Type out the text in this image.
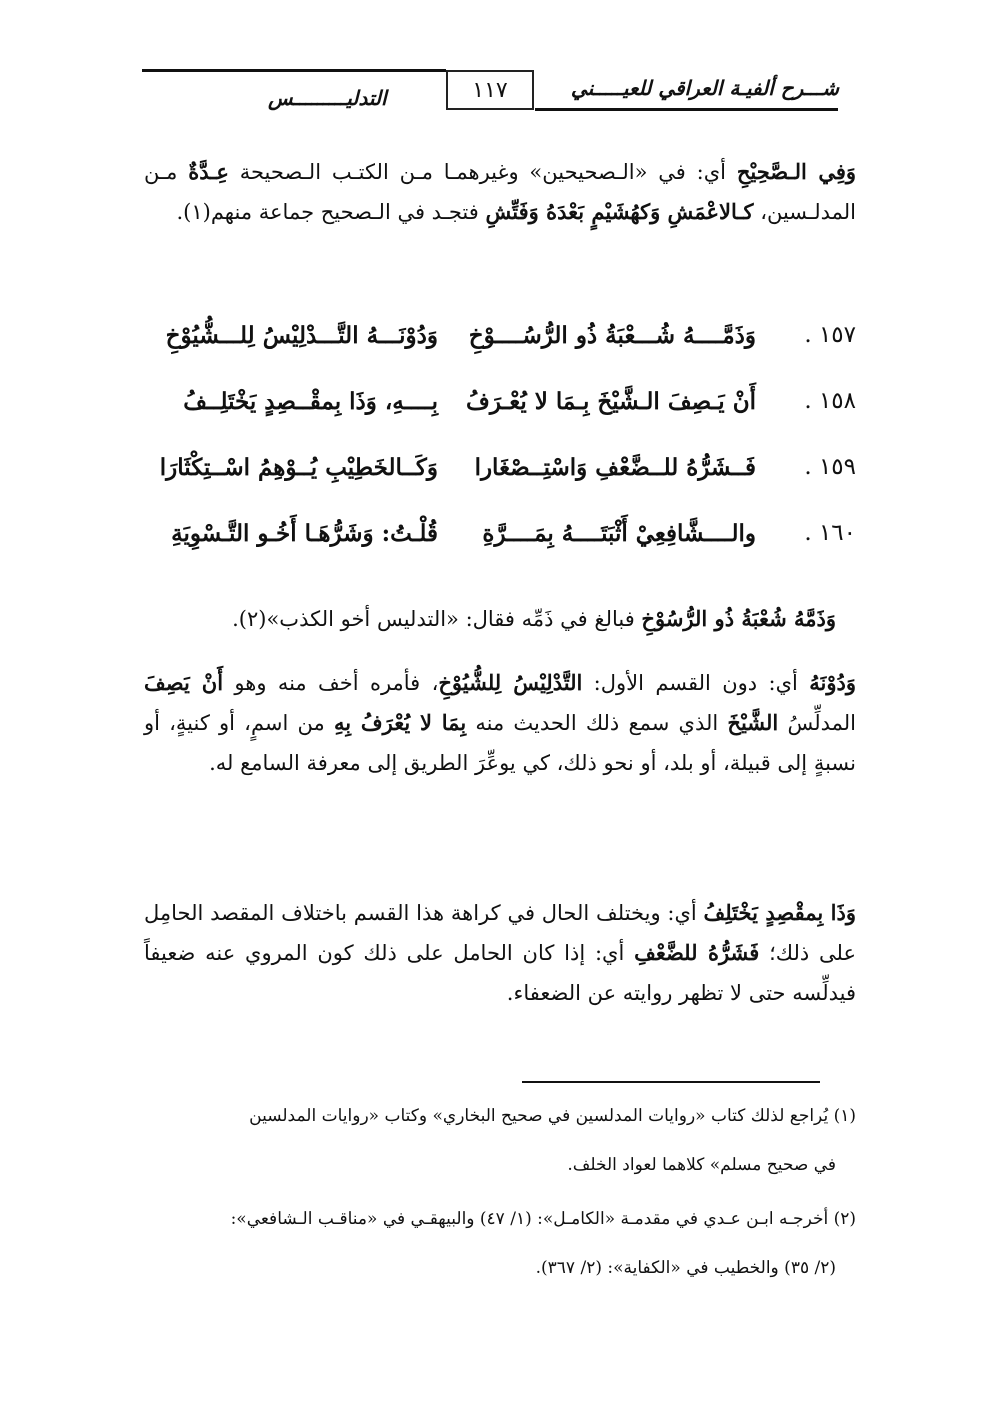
شـــرح ألفيـة العراقي للعيـــــني
١١٧
التدليـــــــــس

وَفِي الـصَّحِيْحِ أي: في «الـصحيحين» وغيرهمـا مـن الكتـب الـصحيحة عِـدَّةٌ مـن المدلـسين، كـالاعْمَشِ وَكهُشَيْمٍ بَعْدَهُ وَفَتِّشِ فتجـد في الـصحيح جماعة منهم(١).

١٥٧ .
وَذَمَّــــهُ شُـــعْبَةُ ذُو الرُّسُــــوْخِ
وَدُوْنَـــهُ التَّـــدْلِيْسُ لِلـــشُّيُوْخِ
١٥٨ .
أَنْ يَـصِفَ الـشَّيْخَ بِـمَا لا يُعْـرَفُ
بِــــهِ، وَذَا بِمقْــصِدٍ يَخْتَلِــفُ
١٥٩ .
فَــشَرُّهُ للــضَّعْفِ وَاسْتِــصْغَارا
وَكَــالخَطِيْبِ يُــوْهِمُ اسْــتِكْثَارَا
١٦٠ .
والــــشَّافِعِيْ أَثْبَتَــــهُ بِمَــــرَّةِ
قُلْـتُ: وَشَرُّهَـا أَخُـو التَّـسْوِيَةِ

وَذَمَّهُ شُعْبَةُ ذُو الرُّسُوْخِ فبالغ في ذَمِّه فقال: «التدليس أخو الكذب»(٢).

وَدُوْنَهُ أي: دون القسم الأول: التَّدْلِيْسُ لِلشُّيُوْخِ، فأمره أخف منه وهو أَنْ يَصِفَ المدلِّسُ الشَّيْخَ الذي سمع ذلك الحديث منه بِمَا لا يُعْرَفُ بِهِ من اسمٍ، أو كنيةٍ، أو نسبةٍ إلى قبيلة، أو بلد، أو نحو ذلك، كي يوعِّرَ الطريق إلى معرفة السامع له.

وَذَا بِمقْصِدٍ يَخْتَلِفُ أي: ويختلف الحال في كراهة هذا القسم باختلاف المقصد الحامِل على ذلك؛ فَشَرُّهُ للضَّعْفِ أي: إذا كان الحامل على ذلك كون المروي عنه ضعيفاً فيدلِّسه حتى لا تظهر روايته عن الضعفاء.

(١) يُراجع لذلك كتاب «روايات المدلسين في صحيح البخاري» وكتاب «روايات المدلسين

في صحيح مسلم» كلاهما لعواد الخلف.

(٢) أخرجـه ابـن عـدي في مقدمـة «الكامـل»: (١/ ٤٧) والبيهقـي في «مناقـب الـشافعي»:

(٢/ ٣٥) والخطيب في «الكفاية»: (٢/ ٣٦٧).
